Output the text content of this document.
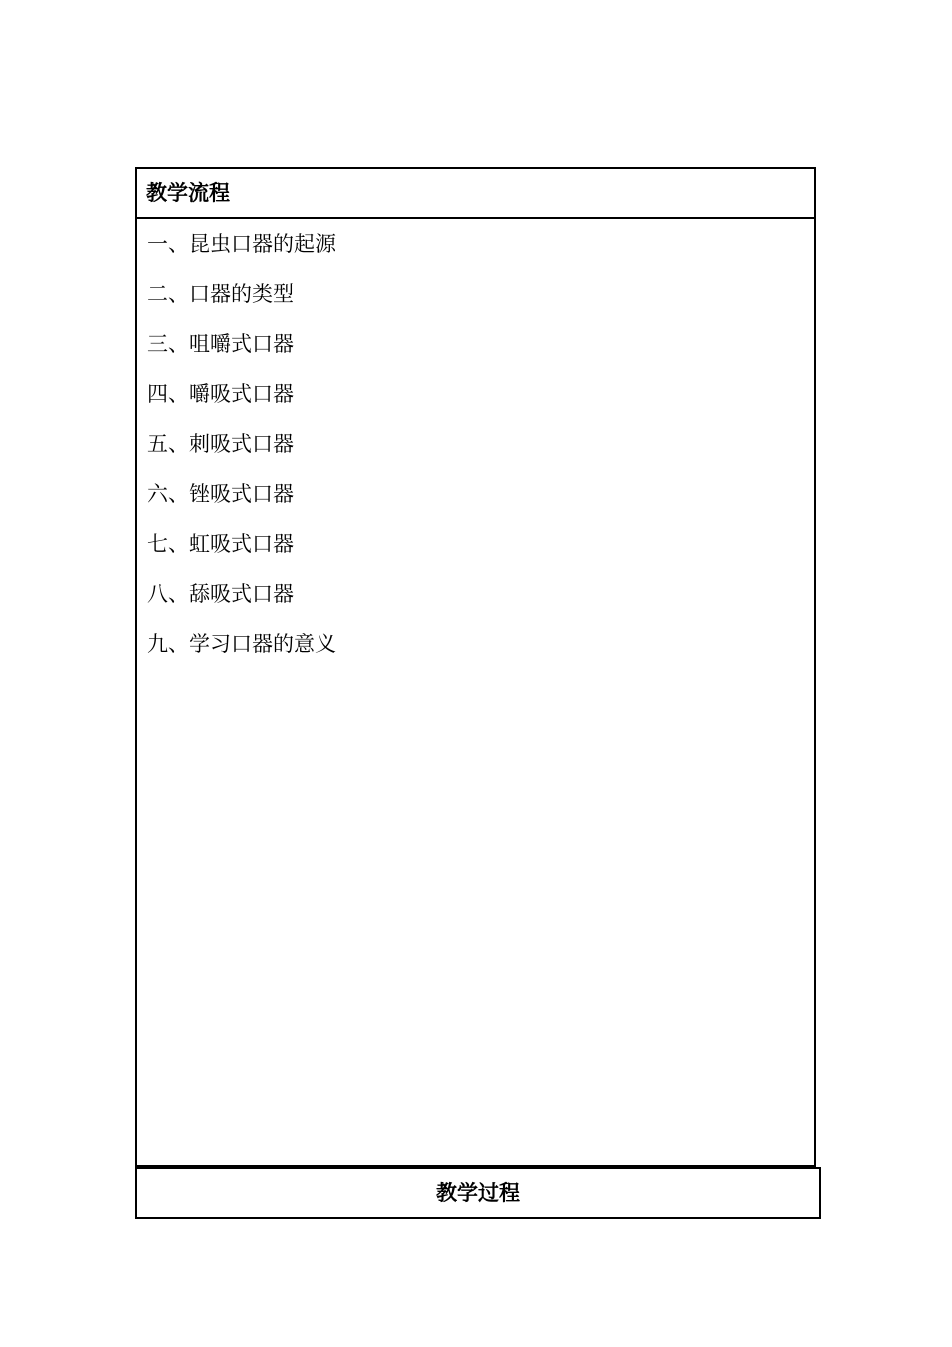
教学流程
一、昆虫口器的起源
二、口器的类型
三、咀嚼式口器
四、嚼吸式口器
五、刺吸式口器
六、锉吸式口器
七、虹吸式口器
八、舔吸式口器
九、学习口器的意义
教学过程
